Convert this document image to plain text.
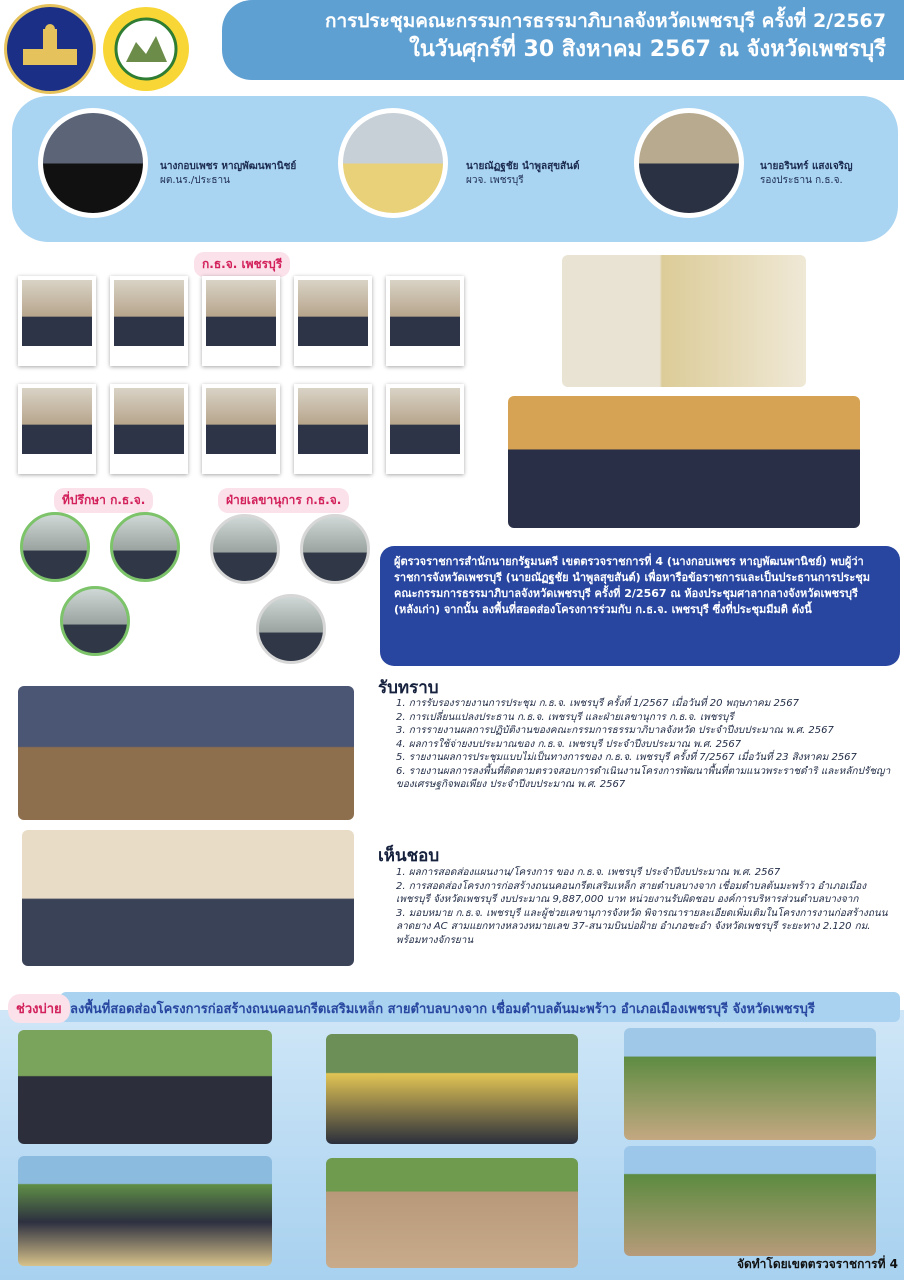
การประชุมคณะกรรมการธรรมาภิบาลจังหวัดเพชรบุรี ครั้งที่ 2/2567
ในวันศุกร์ที่ 30 สิงหาคม 2567 ณ จังหวัดเพชรบุรี
นางกอบเพชร หาญพัฒนพานิชย์
ผต.นร./ประธาน
นายณัฏฐชัย นำพูลสุขสันต์
ผวจ. เพชรบุรี
นายอรินทร์ แสงเจริญ
รองประธาน ก.ธ.จ.
ก.ธ.จ. เพชรบุรี
ที่ปรึกษา ก.ธ.จ.	ฝ่ายเลขานุการ ก.ธ.จ.
ผู้ตรวจราชการสำนักนายกรัฐมนตรี เขตตรวจราชการที่ 4 (นางกอบเพชร หาญพัฒนพานิชย์) พบผู้ว่าราชการจังหวัดเพชรบุรี (นายณัฏฐชัย นำพูลสุขสันต์) เพื่อหารือข้อราชการและเป็นประธานการประชุมคณะกรรมการธรรมาภิบาลจังหวัดเพชรบุรี ครั้งที่ 2/2567 ณ ห้องประชุมศาลากลางจังหวัดเพชรบุรี (หลังเก่า) จากนั้น ลงพื้นที่สอดส่องโครงการร่วมกับ ก.ธ.จ. เพชรบุรี ซึ่งที่ประชุมมีมติ ดังนี้
รับทราบ
1. การรับรองรายงานการประชุม ก.ธ.จ. เพชรบุรี ครั้งที่ 1/2567 เมื่อวันที่ 20 พฤษภาคม 2567
2. การเปลี่ยนแปลงประธาน ก.ธ.จ. เพชรบุรี และฝ่ายเลขานุการ ก.ธ.จ. เพชรบุรี
3. การรายงานผลการปฏิบัติงานของคณะกรรมการธรรมาภิบาลจังหวัด ประจำปีงบประมาณ พ.ศ. 2567
4. ผลการใช้จ่ายงบประมาณของ ก.ธ.จ. เพชรบุรี ประจำปีงบประมาณ พ.ศ. 2567
5. รายงานผลการประชุมแบบไม่เป็นทางการของ ก.ธ.จ. เพชรบุรี ครั้งที่ 7/2567 เมื่อวันที่ 23 สิงหาคม 2567
6. รายงานผลการลงพื้นที่ติดตามตรวจสอบการดำเนินงานโครงการพัฒนาพื้นที่ตามแนวพระราชดำริ และหลักปรัชญาของเศรษฐกิจพอเพียง ประจำปีงบประมาณ พ.ศ. 2567
เห็นชอบ
1. ผลการสอดส่องแผนงาน/โครงการ ของ ก.ธ.จ. เพชรบุรี ประจำปีงบประมาณ พ.ศ. 2567
2. การสอดส่องโครงการก่อสร้างถนนคอนกรีตเสริมเหล็ก สายตำบลบางจาก เชื่อมตำบลต้นมะพร้าว อำเภอเมืองเพชรบุรี จังหวัดเพชรบุรี งบประมาณ 9,887,000 บาท หน่วยงานรับผิดชอบ องค์การบริหารส่วนตำบลบางจาก
3. มอบหมาย ก.ธ.จ. เพชรบุรี และผู้ช่วยเลขานุการจังหวัด พิจารณารายละเอียดเพิ่มเติมในโครงการงานก่อสร้างถนนลาดยาง AC สามแยกทางหลวงหมายเลข 37-สนามบินบ่อฝ้าย อำเภอชะอำ จังหวัดเพชรบุรี ระยะทาง 2.120 กม. พร้อมทางจักรยาน
ลงพื้นที่สอดส่องโครงการก่อสร้างถนนคอนกรีตเสริมเหล็ก สายตำบลบางจาก เชื่อมตำบลต้นมะพร้าว อำเภอเมืองเพชรบุรี จังหวัดเพชรบุรี
ช่วงบ่าย
จัดทำโดยเขตตรวจราชการที่ 4
